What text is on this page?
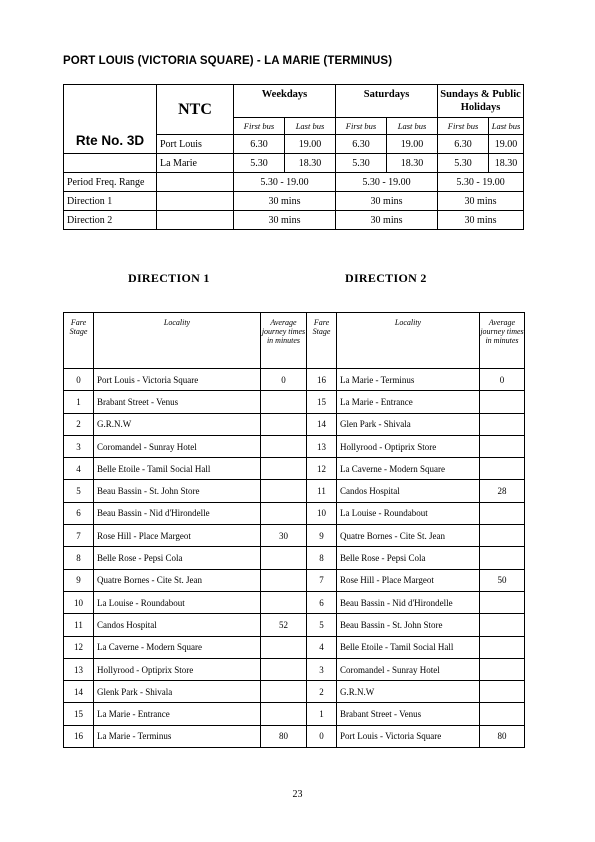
PORT LOUIS (VICTORIA SQUARE) - LA MARIE (TERMINUS)
Rte No. 3D	NTC	Weekdays		Saturdays		Sundays & Public Holidays	
		First bus	Last bus	First bus	Last bus	First bus	Last bus
	Port Louis	6.30	19.00	6.30	19.00	6.30	19.00
	La Marie	5.30	18.30	5.30	18.30	5.30	18.30
Period Freq. Range		5.30 - 19.00		5.30 - 19.00		5.30 - 19.00	
Direction 1		30 mins		30 mins		30 mins	
Direction 2		30 mins		30 mins		30 mins	
DIRECTION 1	DIRECTION 2
Fare Stage	Locality	Average journey times in minutes	Fare Stage	Locality	Average journey times in minutes
0	Port Louis - Victoria Square	0	16	La Marie - Terminus	0
1	Brabant Street - Venus		15	La Marie - Entrance	
2	G.R.N.W		14	Glen Park - Shivala	
3	Coromandel - Sunray Hotel		13	Hollyrood - Optiprix Store	
4	Belle Etoile - Tamil Social Hall		12	La Caverne - Modern Square	
5	Beau Bassin - St. John Store		11	Candos Hospital	28
6	Beau Bassin - Nid d'Hirondelle		10	La Louise - Roundabout	
7	Rose Hill - Place Margeot	30	9	Quatre Bornes - Cite St. Jean	
8	Belle Rose - Pepsi Cola		8	Belle Rose - Pepsi Cola	
9	Quatre Bornes - Cite St. Jean		7	Rose Hill - Place Margeot	50
10	La Louise - Roundabout		6	Beau Bassin - Nid d'Hirondelle	
11	Candos Hospital	52	5	Beau Bassin - St. John Store	
12	La Caverne - Modern Square		4	Belle Etoile - Tamil Social Hall	
13	Hollyrood - Optiprix Store		3	Coromandel - Sunray Hotel	
14	Glenk Park - Shivala		2	G.R.N.W	
15	La Marie - Entrance		1	Brabant Street - Venus	
16	La Marie - Terminus	80	0	Port Louis - Victoria Square	80
23
